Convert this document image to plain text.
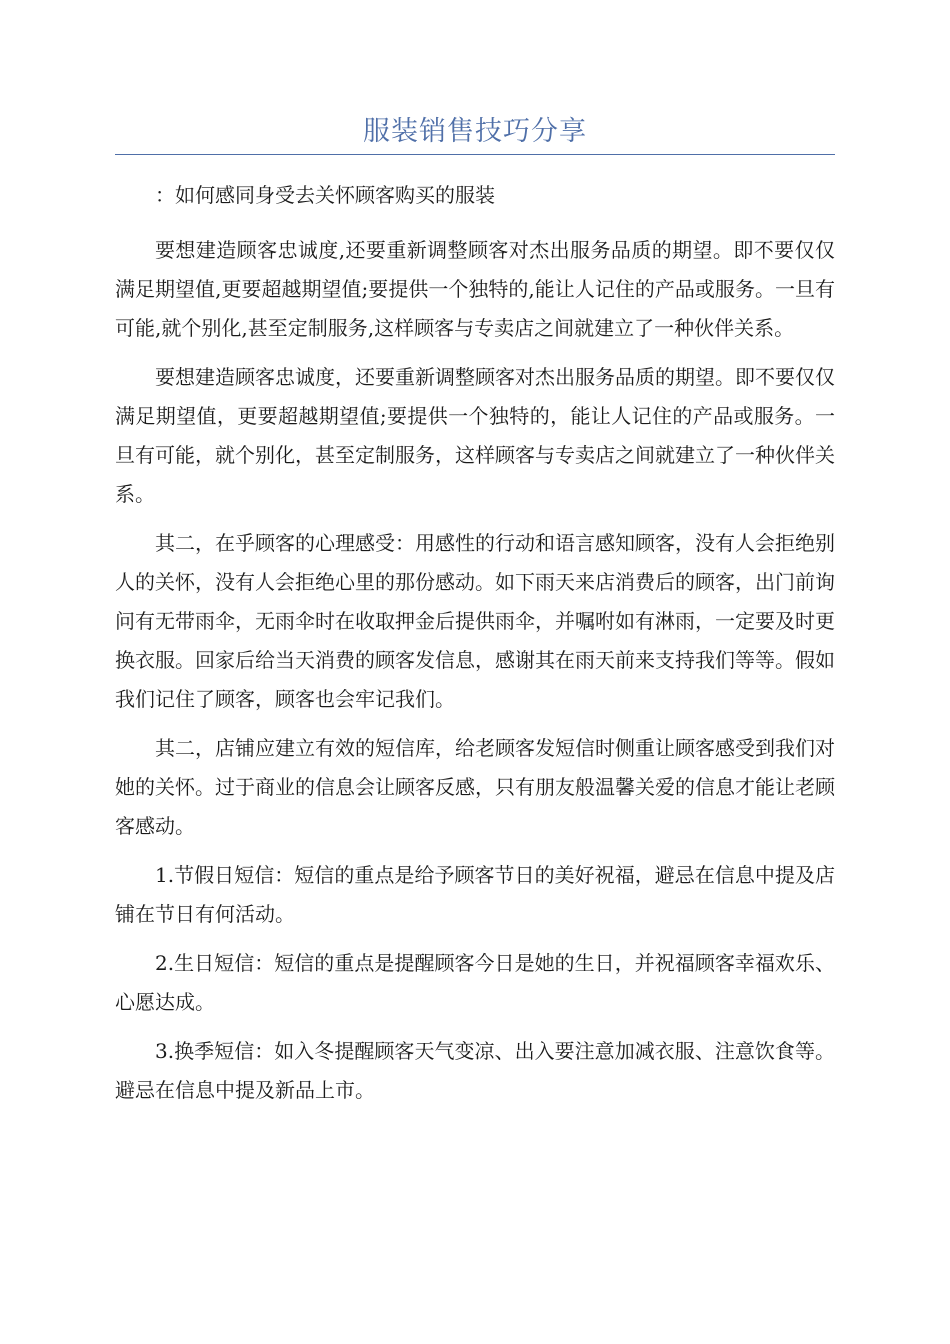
服装销售技巧分享

：如何感同身受去关怀顾客购买的服装

要想建造顾客忠诚度,还要重新调整顾客对杰出服务品质的期望。即不要仅仅满足期望值,更要超越期望值;要提供一个独特的,能让人记住的产品或服务。一旦有可能,就个别化,甚至定制服务,这样顾客与专卖店之间就建立了一种伙伴关系。

要想建造顾客忠诚度，还要重新调整顾客对杰出服务品质的期望。即不要仅仅满足期望值，更要超越期望值;要提供一个独特的，能让人记住的产品或服务。一旦有可能，就个别化，甚至定制服务，这样顾客与专卖店之间就建立了一种伙伴关系。

其二，在乎顾客的心理感受：用感性的行动和语言感知顾客，没有人会拒绝别人的关怀，没有人会拒绝心里的那份感动。如下雨天来店消费后的顾客，出门前询问有无带雨伞，无雨伞时在收取押金后提供雨伞，并嘱咐如有淋雨，一定要及时更换衣服。回家后给当天消费的顾客发信息，感谢其在雨天前来支持我们等等。假如我们记住了顾客，顾客也会牢记我们。

其二，店铺应建立有效的短信库，给老顾客发短信时侧重让顾客感受到我们对她的关怀。过于商业的信息会让顾客反感，只有朋友般温馨关爱的信息才能让老顾客感动。

1.节假日短信：短信的重点是给予顾客节日的美好祝福，避忌在信息中提及店铺在节日有何活动。

2.生日短信：短信的重点是提醒顾客今日是她的生日，并祝福顾客幸福欢乐、心愿达成。

3.换季短信：如入冬提醒顾客天气变凉、出入要注意加减衣服、注意饮食等。避忌在信息中提及新品上市。
